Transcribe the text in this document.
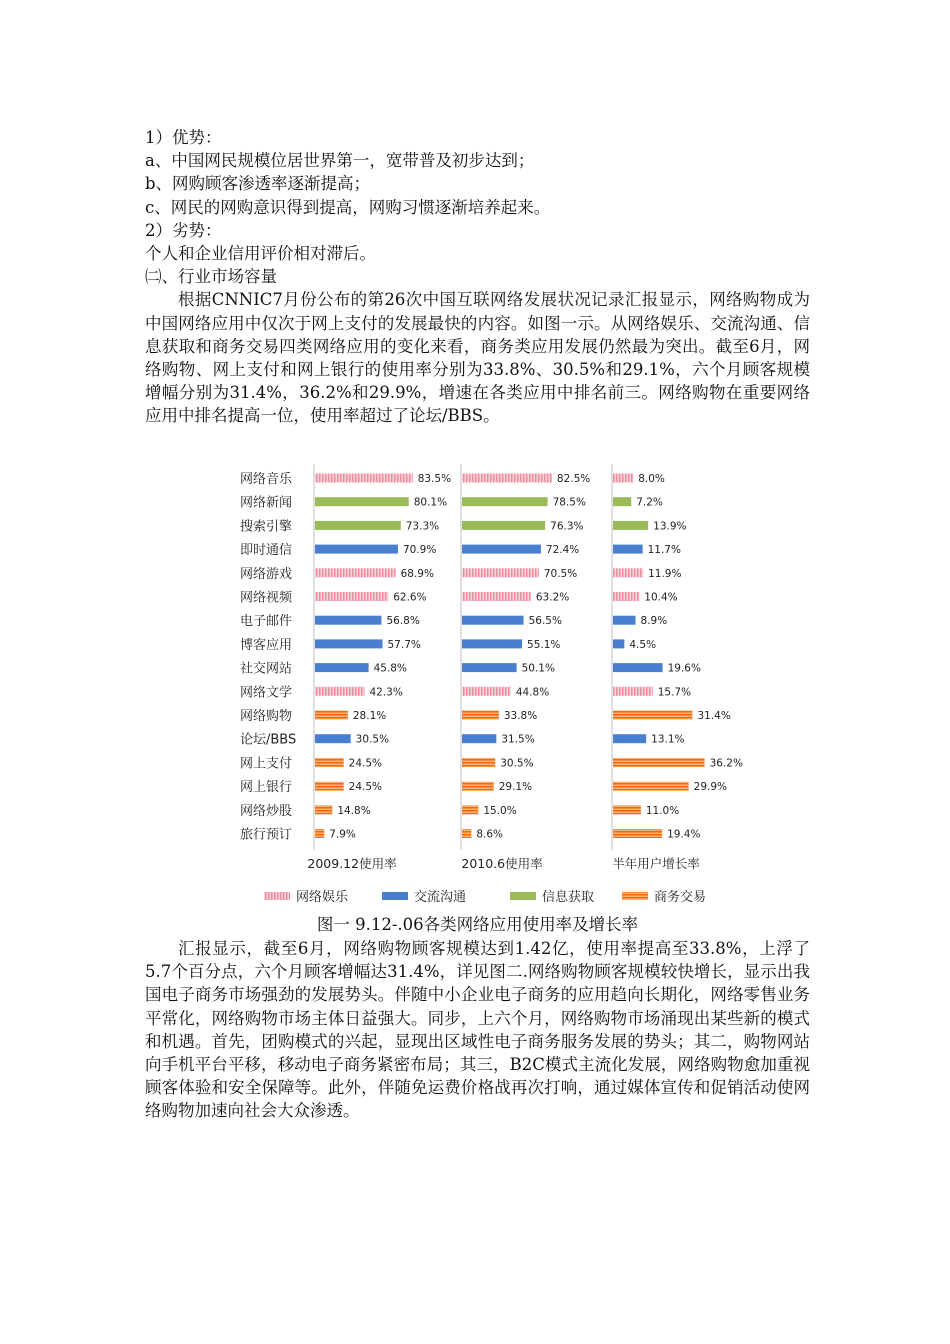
1）优势：

a、中国网民规模位居世界第一，宽带普及初步达到；

b、网购顾客渗透率逐渐提高；

c、网民的网购意识得到提高，网购习惯逐渐培养起来。

2）劣势：

个人和企业信用评价相对滞后。

㈡、行业市场容量

根据CNNIC7月份公布的第26次中国互联网络发展状况记录汇报显示，网络购物成为中国网络应用中仅次于网上支付的发展最快的内容。如图一示。从网络娱乐、交流沟通、信息获取和商务交易四类网络应用的变化来看，商务类应用发展仍然最为突出。截至6月，网络购物、网上支付和网上银行的使用率分别为33.8%、30.5%和29.1%，六个月顾客规模增幅分别为31.4%，36.2%和29.9%，增速在各类应用中排名前三。网络购物在重要网络应用中排名提高一位，使用率超过了论坛/BBS。

网络音乐
网络新闻
搜索引擎
即时通信
网络游戏
网络视频
电子邮件
博客应用
社交网站
网络文学
网络购物
论坛/BBS
网上支付
网上银行
网络炒股
旅行预订
83.5%
80.1%
73.3%
70.9%
68.9%
62.6%
56.8%
57.7%
45.8%
42.3%
28.1%
30.5%
24.5%
24.5%
14.8%
7.9%
2009.12使用率
82.5%
78.5%
76.3%
72.4%
70.5%
63.2%
56.5%
55.1%
50.1%
44.8%
33.8%
31.5%
30.5%
29.1%
15.0%
8.6%
2010.6使用率
8.0%
7.2%
13.9%
11.7%
11.9%
10.4%
8.9%
4.5%
19.6%
15.7%
31.4%
13.1%
36.2%
29.9%
11.0%
19.4%
半年用户增长率
网络娱乐	交流沟通	信息获取	商务交易
图一 9.12-.06各类网络应用使用率及增长率

汇报显示，截至6月，网络购物顾客规模达到1.42亿，使用率提高至33.8%，上浮了 5.7个百分点，六个月顾客增幅达31.4%，详见图二.网络购物顾客规模较快增长，显示出我国电子商务市场强劲的发展势头。伴随中小企业电子商务的应用趋向长期化，网络零售业务平常化，网络购物市场主体日益强大。同步，上六个月，网络购物市场涌现出某些新的模式和机遇。首先，团购模式的兴起，显现出区域性电子商务服务发展的势头；其二，购物网站向手机平台平移，移动电子商务紧密布局；其三，B2C模式主流化发展，网络购物愈加重视顾客体验和安全保障等。此外，伴随免运费价格战再次打响，通过媒体宣传和促销活动使网络购物加速向社会大众渗透。
